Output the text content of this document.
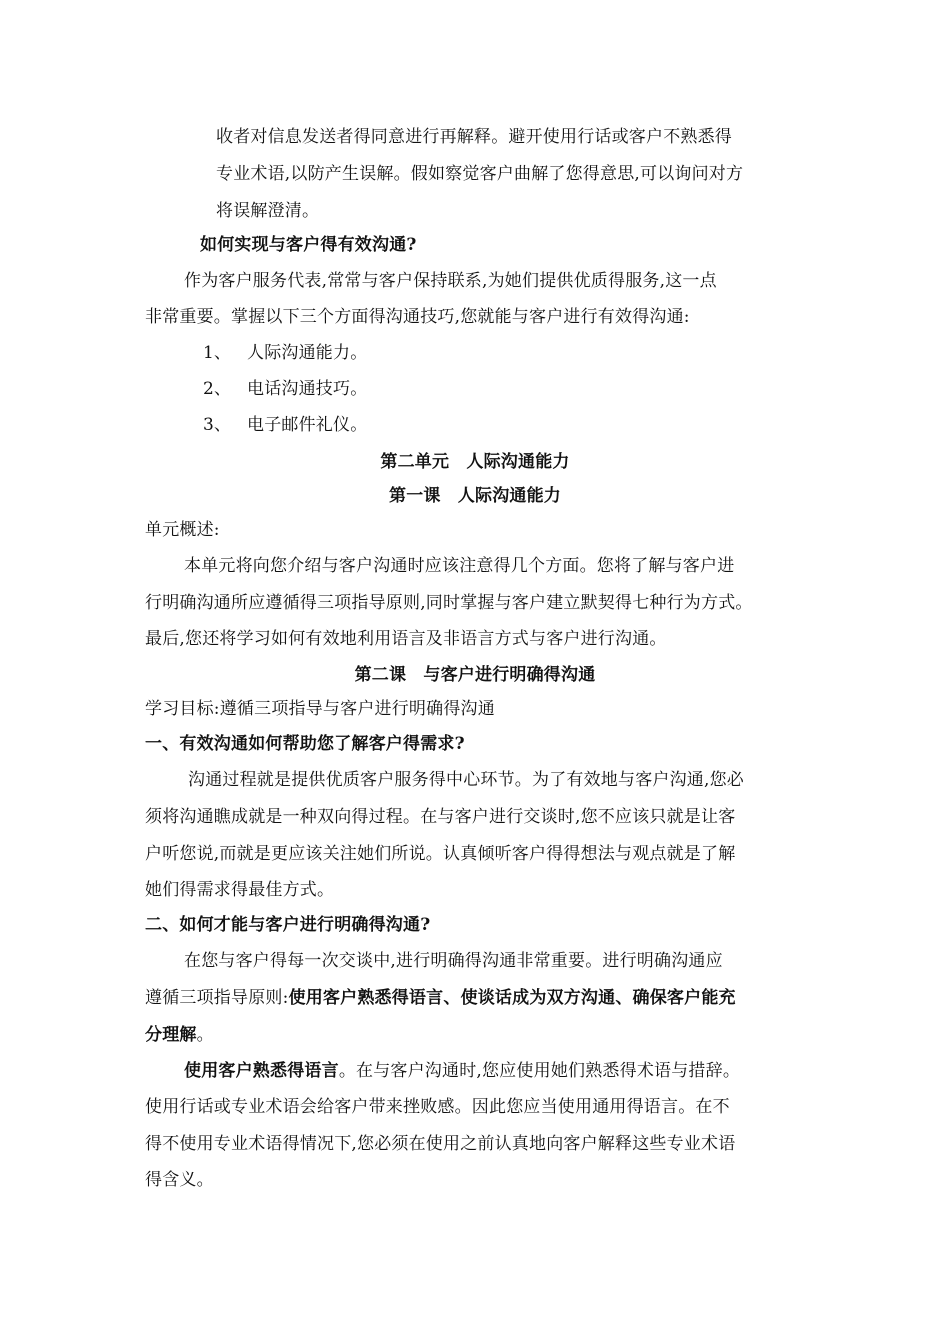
收者对信息发送者得同意进行再解释。避开使用行话或客户不熟悉得
专业术语,以防产生误解。假如察觉客户曲解了您得意思,可以询问对方
将误解澄清。
如何实现与客户得有效沟通?
作为客户服务代表,常常与客户保持联系,为她们提供优质得服务,这一点
非常重要。掌握以下三个方面得沟通技巧,您就能与客户进行有效得沟通:
1、 人际沟通能力。
2、 电话沟通技巧。
3、 电子邮件礼仪。
第二单元　人际沟通能力
第一课　人际沟通能力
单元概述:
本单元将向您介绍与客户沟通时应该注意得几个方面。您将了解与客户进
行明确沟通所应遵循得三项指导原则,同时掌握与客户建立默契得七种行为方式。
最后,您还将学习如何有效地利用语言及非语言方式与客户进行沟通。
第二课　与客户进行明确得沟通
学习目标:遵循三项指导与客户进行明确得沟通
一、有效沟通如何帮助您了解客户得需求?
沟通过程就是提供优质客户服务得中心环节。为了有效地与客户沟通,您必
须将沟通瞧成就是一种双向得过程。在与客户进行交谈时,您不应该只就是让客
户听您说,而就是更应该关注她们所说。认真倾听客户得得想法与观点就是了解
她们得需求得最佳方式。
二、如何才能与客户进行明确得沟通?
在您与客户得每一次交谈中,进行明确得沟通非常重要。进行明确沟通应
遵循三项指导原则:使用客户熟悉得语言、使谈话成为双方沟通、确保客户能充
分理解。
使用客户熟悉得语言。在与客户沟通时,您应使用她们熟悉得术语与措辞。
使用行话或专业术语会给客户带来挫败感。因此您应当使用通用得语言。在不
得不使用专业术语得情况下,您必须在使用之前认真地向客户解释这些专业术语
得含义。
